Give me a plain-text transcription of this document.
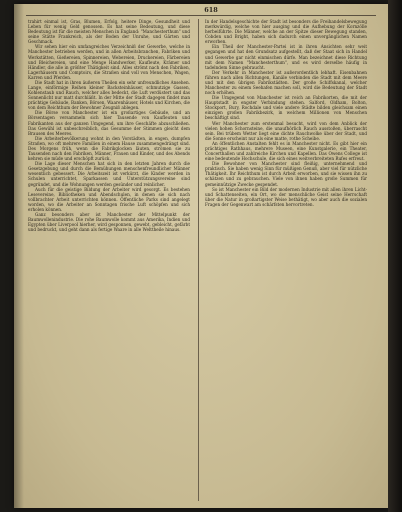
618

trahirt einmal ist, Gras, Blumen, Erfolg, heitere Dinge, Gesundheit und Leben für wenig Geld genossen. Es hat seine Bedeutung, und diese Bedeutung ist für die meisten Menschen in England: "Manchesterthum" und seine Stätte Frankreich, als der Boden der Unruhe, und Gärten und Geschmack.

Wir sehen hier ein umfangreiches Verzeichniß der Gewerbe, welche in Manchester betrieben werden, und in allen Arbeitsbranchen, Fabriken und Werkstätten, Gießereien, Spinnereien, Webereien, Druckereien, Färbereien und Bleichereien, und eine Menge Handwerker, Kaufleute, Krämer und Händler, die alle in größter Thätigkeit sind. Alles strömt nach den Fabriken, Lagerhäusern und Comptoirs, die Straßen sind voll von Menschen, Wagen, Karren und Pferden.

Die Stadt hat in ihren äußeren Theilen ein sehr unfreundliches Ansehen. Lange, einförmige Reihen kleiner Backsteinhäuser, schmutzige Gassen, Kohlenstaub und Rauch, welcher alles bedeckt, die Luft verdüstert und das Sonnenlicht nur matt durchläßt. In der Mitte der Stadt dagegen findet man prächtige Gebäude, Banken, Börsen, Waarenhäuser, Hotels und Kirchen, die von dem Reichthum der Bewohner Zeugniß ablegen.

Die Börse von Manchester ist ein großartiges Gebäude, und an Börsentagen versammeln sich hier Tausende von Kaufleuten und Fabrikanten aus der ganzen Umgegend, um ihre Geschäfte abzuschließen. Das Gewühl ist unbeschreiblich, das Gesumme der Stimmen gleicht dem Brausen des Meeres.

Die Arbeiterbevölkerung wohnt in den Vorstädten, in engen, dumpfen Straßen, wo oft mehrere Familien in einem Hause zusammengedrängt sind. Des Morgens früh, wenn die Fabrikglocken läuten, strömen sie zu Tausenden nach den Fabriken, Männer, Frauen und Kinder, und des Abends kehren sie müde und erschöpft zurück.

Die Lage dieser Menschen hat sich in den letzten Jahren durch die Gesetzgebung und durch die Bemühungen menschenfreundlicher Männer wesentlich gebessert. Die Arbeitszeit ist verkürzt, die Kinder werden in Schulen unterrichtet, Sparkassen und Unterstützungsvereine sind gegründet, und die Wohnungen werden gesünder und reinlicher.

Auch für die geistige Bildung der Arbeiter wird gesorgt. Es bestehen Lesevereine, Bibliotheken und Abendschulen, in denen sie sich nach vollbrachter Arbeit unterrichten können. Öffentliche Parks sind angelegt worden, wo die Arbeiter an Sonntagen frische Luft schöpfen und sich erholen können.

Ganz besonders aber ist Manchester der Mittelpunkt der Baumwollenindustrie. Die rohe Baumwolle kommt aus Amerika, Indien und Egypten über Liverpool hierher, wird gesponnen, gewebt, gebleicht, gefärbt und bedruckt, und geht dann als fertige Waare in alle Welttheile hinaus.

In der Handelsgeschichte der Stadt ist besonders die Freihandelsbewegung merkwürdig, welche von hier ausging und die Aufhebung der Kornzölle herbeiführte. Die Männer, welche an der Spitze dieser Bewegung standen, Cobden und Bright, haben sich dadurch einen unvergänglichen Namen erworben.

Ein Theil der Manchester-Partei ist in ihren Ansichten sehr weit gegangen und hat den Grundsatz aufgestellt, daß der Staat sich in Handel und Gewerbe gar nicht einmischen dürfe. Man bezeichnet diese Richtung mit dem Namen "Manchesterthum", und es wird derselbe häufig in tadelndem Sinne gebraucht.

Der Verkehr in Manchester ist außerordentlich lebhaft. Eisenbahnen führen nach allen Richtungen, Kanäle verbinden die Stadt mit dem Meere und mit den übrigen Fabrikstädten. Der große Schiffskanal, welcher Manchester zu einem Seehafen machen soll, wird die Bedeutung der Stadt noch erhöhen.

Die Umgegend von Manchester ist reich an Fabrikorten, die mit der Hauptstadt in engster Verbindung stehen. Salford, Oldham, Bolton, Stockport, Bury, Rochdale und viele andere Städte bilden gleichsam einen einzigen großen Fabrikbezirk, in welchem Millionen von Menschen beschäftigt sind.

Wer Manchester zum erstenmal besucht, wird von dem Anblick der vielen hohen Schornsteine, die unaufhörlich Rauch ausstoßen, überrascht sein. Bei trübem Wetter liegt eine dichte Rauchwolke über der Stadt, und die Sonne erscheint nur als eine matte, rothe Scheibe.

An öffentlichen Anstalten fehlt es in Manchester nicht. Es gibt hier ein prächtiges Rathhaus, mehrere Museen, eine Kunstgalerie, ein Theater, Concerthallen und zahlreiche Kirchen und Kapellen. Das Owens College ist eine bedeutende Hochschule, die sich eines weitverbreiteten Rufes erfreut.

Die Bewohner von Manchester sind fleißig, unternehmend und praktisch. Sie haben wenig Sinn für müßigen Genuß, aber viel für nützliche Thätigkeit. Ihr Reichthum ist durch Arbeit erworben, und sie wissen ihn zu schätzen und zu gebrauchen. Viele von ihnen haben große Summen für gemeinnützige Zwecke gespendet.

So ist Manchester ein Bild der modernen Industrie mit allen ihren Licht- und Schattenseiten, ein Ort, wo der menschliche Geist seine Herrschaft über die Natur in großartigster Weise bethätigt, wo aber auch die sozialen Fragen der Gegenwart am schärfsten hervortreten.
